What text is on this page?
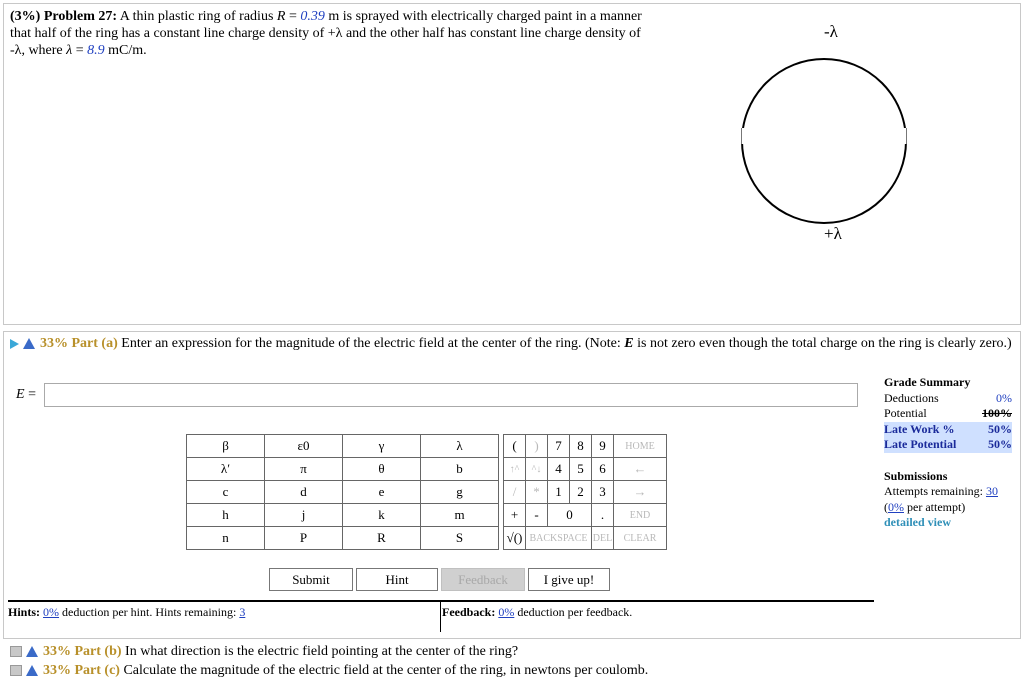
(3%) Problem 27: A thin plastic ring of radius R = 0.39 m is sprayed with electrically charged paint in a manner that half of the ring has a constant line charge density of +λ and the other half has constant line charge density of -λ, where λ = 8.9 mC/m.
-λ
+λ
33% Part (a) Enter an expression for the magnitude of the electric field at the center of the ring. (Note: E is not zero even though the total charge on the ring is clearly zero.)
E =
Grade Summary
Deductions	0%
Potential	100%
Late Work %	50%
Late Potential	50%
Submissions
Attempts remaining: 30
(0% per attempt)
detailed view
β	ε0	γ	λ
λ′	π	θ	b
c	d	e	g
h	j	k	m
n	P	R	S
(	)	7	8	9	HOME
↑^	^↓	4	5	6	←
/	*	1	2	3	→
+	-	0		.	END
√()	BACKSPACE			DEL	CLEAR
Submit	Hint	Feedback	I give up!
Hints: 0% deduction per hint. Hints remaining: 3	Feedback: 0% deduction per feedback.
33% Part (b) In what direction is the electric field pointing at the center of the ring?
33% Part (c) Calculate the magnitude of the electric field at the center of the ring, in newtons per coulomb.
